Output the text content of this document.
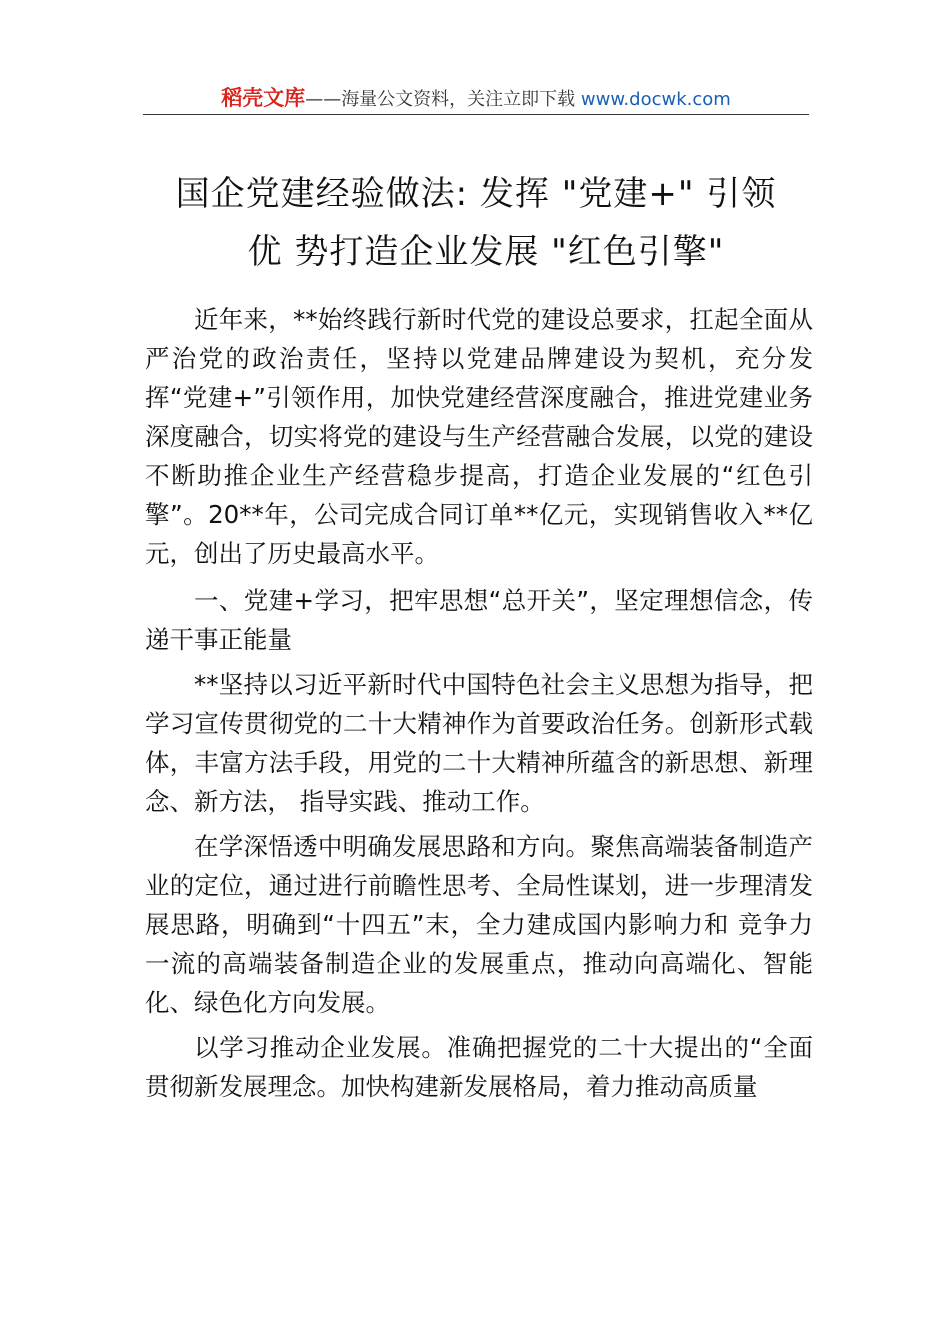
稻壳文库——海量公文资料，关注立即下载 www.docwk.com
国企党建经验做法: 发挥 "党建+" 引领
优 势打造企业发展 "红色引擎"

近年来，**始终践行新时代党的建设总要求，扛起全面从严治党的政治责任，坚持以党建品牌建设为契机，充分发挥“党建+”引领作用，加快党建经营深度融合，推进党建业务深度融合，切实将党的建设与生产经营融合发展，以党的建设不断助推企业生产经营稳步提高，打造企业发展的“红色引擎”。20**年，公司完成合同订单**亿元，实现销售收入**亿元，创出了历史最高水平。

一、党建+学习，把牢思想“总开关”，坚定理想信念，传递干事正能量

**坚持以习近平新时代中国特色社会主义思想为指导，把学习宣传贯彻党的二十大精神作为首要政治任务。创新形式载体，丰富方法手段，用党的二十大精神所蕴含的新思想、新理念、新方法， 指导实践、推动工作。

在学深悟透中明确发展思路和方向。聚焦高端装备制造产业的定位，通过进行前瞻性思考、全局性谋划，进一步理清发展思路，明确到“十四五”末，全力建成国内影响力和 竞争力一流的高端装备制造企业的发展重点，推动向高端化、智能化、绿色化方向发展。

以学习推动企业发展。准确把握党的二十大提出的“全面贯彻新发展理念。加快构建新发展格局，着力推动高质量
